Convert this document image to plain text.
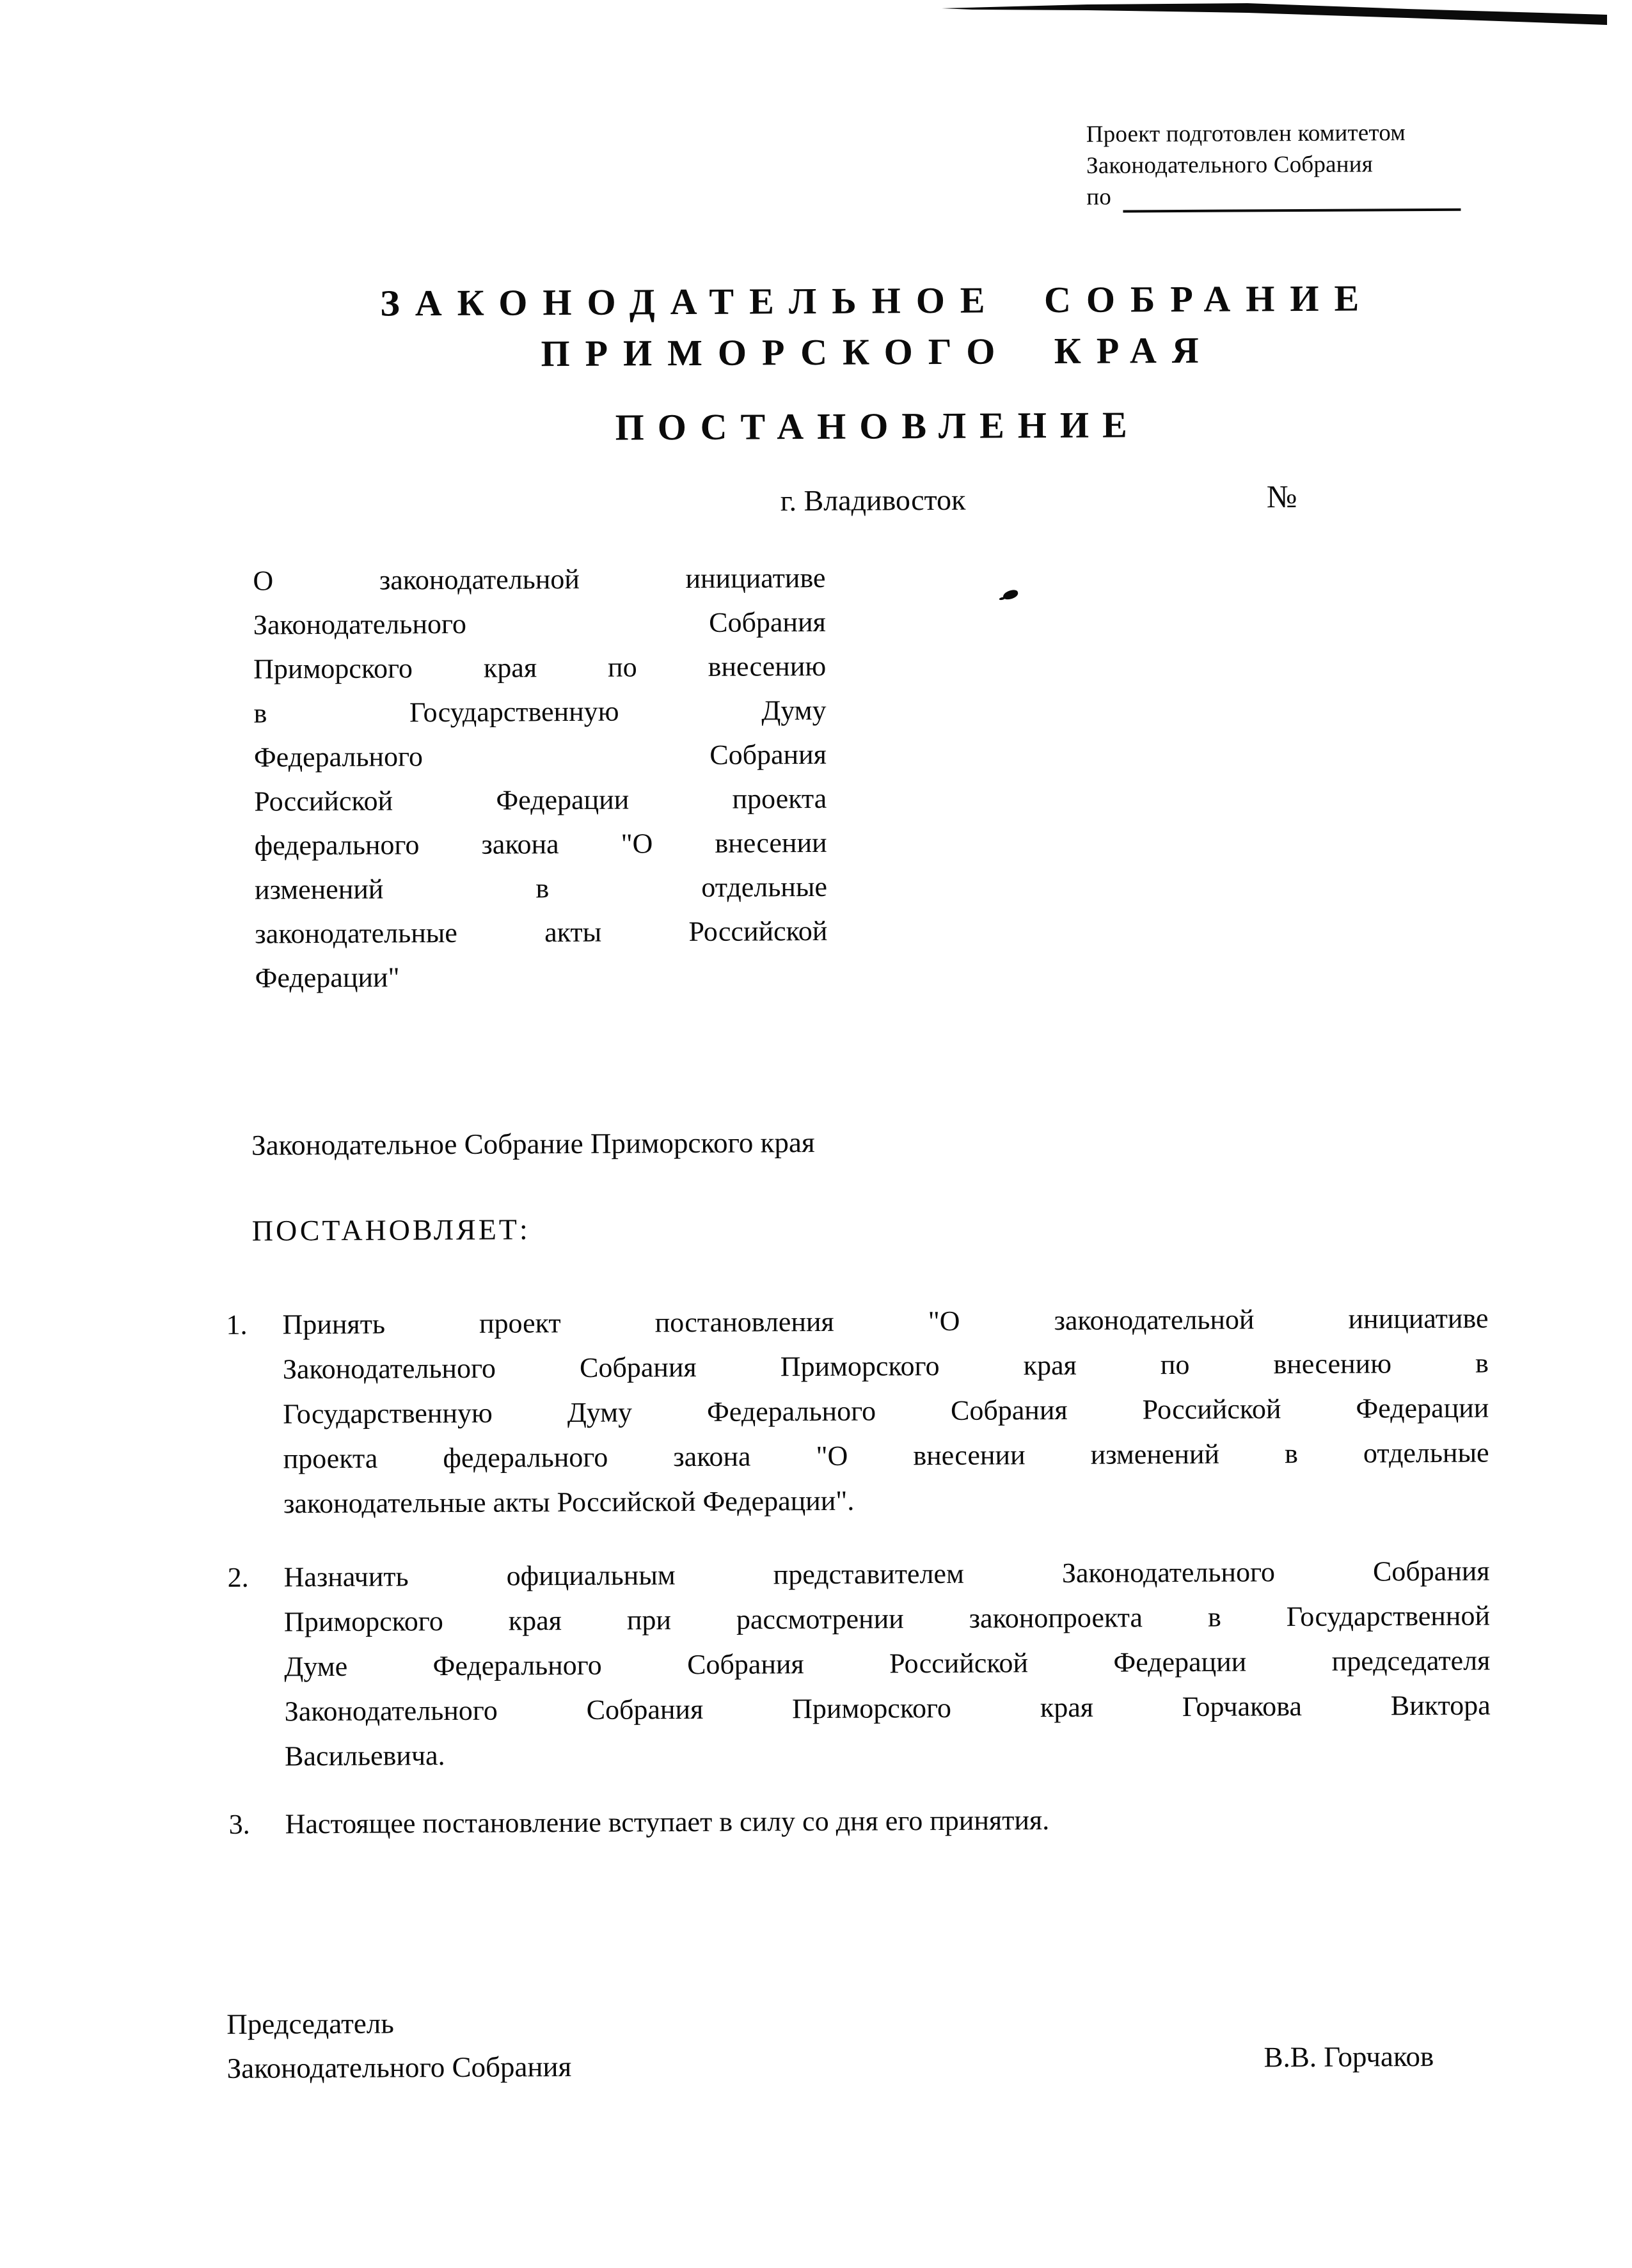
Проект подготовлен комитетом
Законодательного Собрания
по
ЗАКОНОДАТЕЛЬНОЕ СОБРАНИЕ
ПРИМОРСКОГО КРАЯ
ПОСТАНОВЛЕНИЕ
г. Владивосток	№
О законодательной инициативе
Законодательного Собрания
Приморского края по внесению
в Государственную Думу
Федерального Собрания
Российской Федерации проекта
федерального закона "О внесении
изменений в отдельные
законодательные акты Российской
Федерации"
Законодательное Собрание Приморского края
ПОСТАНОВЛЯЕТ:
1.	Принять проект постановления "О законодательной инициативе
Законодательного Собрания Приморского края по внесению в
Государственную Думу Федерального Собрания Российской Федерации
проекта федерального закона "О внесении изменений в отдельные
законодательные акты Российской Федерации".
2.	Назначить официальным представителем Законодательного Собрания
Приморского края при рассмотрении законопроекта в Государственной
Думе Федерального Собрания Российской Федерации председателя
Законодательного Собрания Приморского края Горчакова Виктора
Васильевича.
3.	Настоящее постановление вступает в силу со дня его принятия.
Председатель
Законодательного Собрания	В.В. Горчаков
